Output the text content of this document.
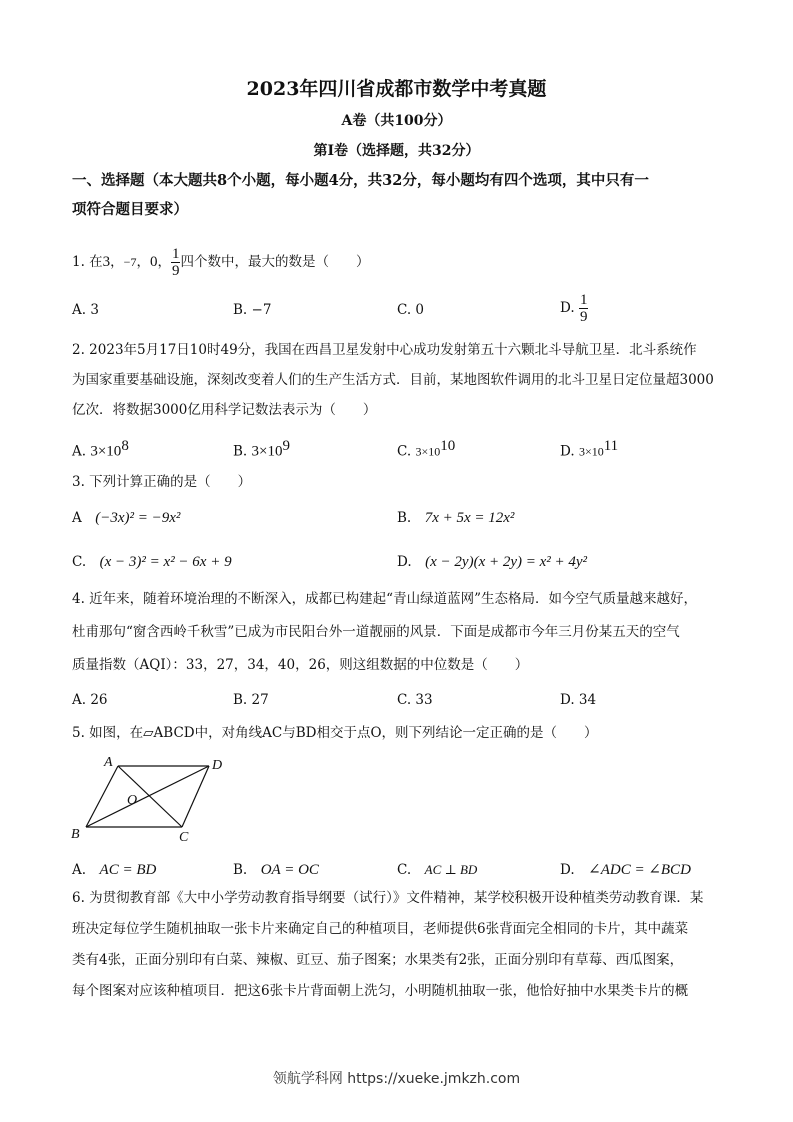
2023年四川省成都市数学中考真题
A卷（共100分）
第I卷（选择题，共32分）
一、选择题（本大题共8个小题，每小题4分，共32分，每小题均有四个选项，其中只有一
项符合题目要求）
1. 在3，−7，0， $\frac{1}{9}$ 四个数中，最大的数是（　　）
A. 3	B. −7	C. 0	D. $\frac{1}{9}$
2. 2023年5月17日10时49分，我国在西昌卫星发射中心成功发射第五十六颗北斗导航卫星．北斗系统作
为国家重要基础设施，深刻改变着人们的生产生活方式．目前，某地图软件调用的北斗卫星日定位量超3000
亿次．将数据3000亿用科学记数法表示为（　　）
A. $3\times 10^8$	B. $3\times 10^9$	C. $3\times 10^{10}$	D. $3\times 10^{11}$
3. 下列计算正确的是（　　）
A　 (−3x)² = −9x²	B.　 7x + 5x = 12x²
C.　 (x − 3)² = x² − 6x + 9	D.　 (x − 2y)(x + 2y) = x² + 4y²
4. 近年来，随着环境治理的不断深入，成都已构建起“青山绿道蓝网”生态格局．如今空气质量越来越好，
杜甫那句“窗含西岭千秋雪”已成为市民阳台外一道靓丽的风景．下面是成都市今年三月份某五天的空气
质量指数（AQI）：33，27，34，40，26，则这组数据的中位数是（　　）
A. 26	B. 27	C. 33	D. 34
5. 如图，在▱ABCD中，对角线AC与BD相交于点O，则下列结论一定正确的是（　　）
A	D
B	C
O
A.　 AC = BD	B.　 OA = OC	C.　 AC ⊥ BD	D.　 ∠ADC = ∠BCD
6. 为贯彻教育部《大中小学劳动教育指导纲要（试行）》文件精神，某学校积极开设种植类劳动教育课．某
班决定每位学生随机抽取一张卡片来确定自己的种植项目，老师提供6张背面完全相同的卡片，其中蔬菜
类有4张，正面分别印有白菜、辣椒、豇豆、茄子图案；水果类有2张，正面分别印有草莓、西瓜图案，
每个图案对应该种植项目．把这6张卡片背面朝上洗匀，小明随机抽取一张，他恰好抽中水果类卡片的概
领航学科网 https://xueke.jmkzh.com
